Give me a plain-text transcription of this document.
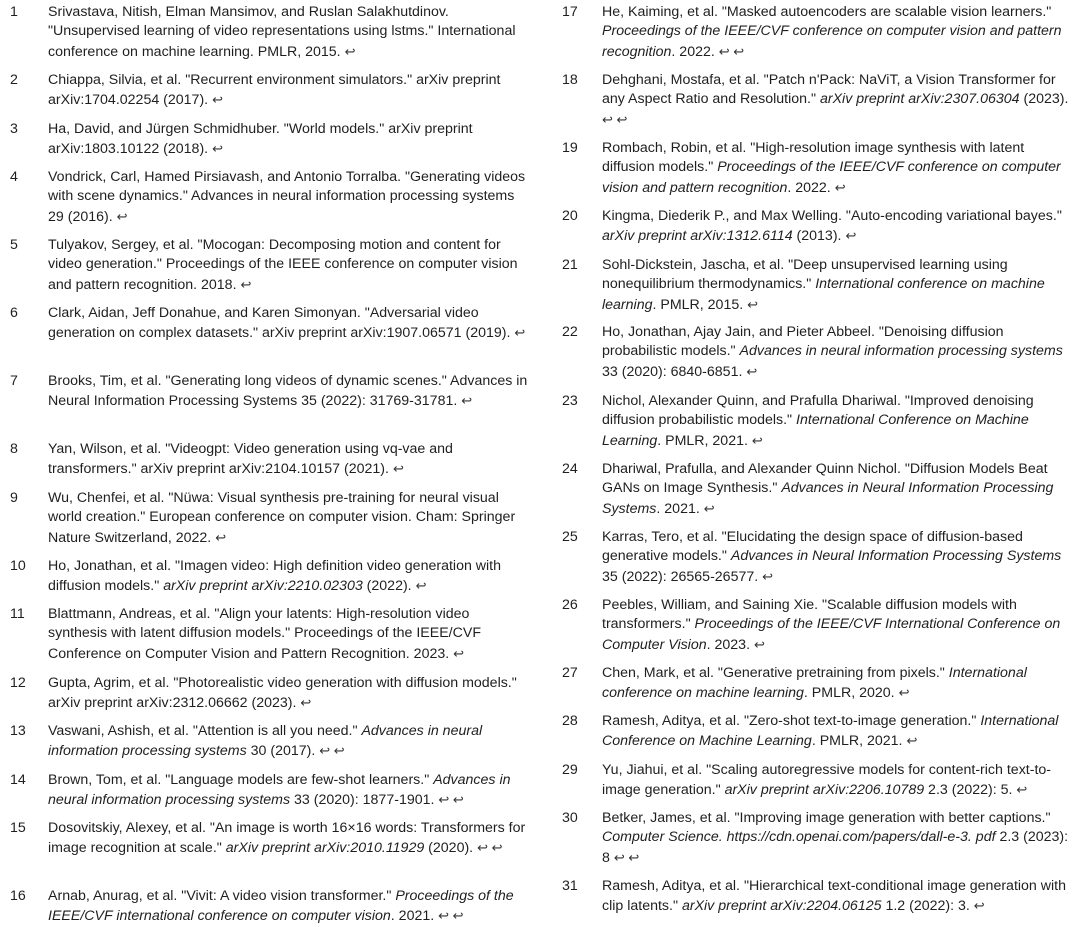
1 Srivastava, Nitish, Elman Mansimov, and Ruslan Salakhutdinov. "Unsupervised learning of video representations using lstms." International conference on machine learning. PMLR, 2015. ↩
2 Chiappa, Silvia, et al. "Recurrent environment simulators." arXiv preprint arXiv:1704.02254 (2017). ↩
3 Ha, David, and Jürgen Schmidhuber. "World models." arXiv preprint arXiv:1803.10122 (2018). ↩
4 Vondrick, Carl, Hamed Pirsiavash, and Antonio Torralba. "Generating videos with scene dynamics." Advances in neural information processing systems 29 (2016). ↩
5 Tulyakov, Sergey, et al. "Mocogan: Decomposing motion and content for video generation." Proceedings of the IEEE conference on computer vision and pattern recognition. 2018. ↩
6 Clark, Aidan, Jeff Donahue, and Karen Simonyan. "Adversarial video generation on complex datasets." arXiv preprint arXiv:1907.06571 (2019). ↩
7 Brooks, Tim, et al. "Generating long videos of dynamic scenes." Advances in Neural Information Processing Systems 35 (2022): 31769-31781. ↩
8 Yan, Wilson, et al. "Videogpt: Video generation using vq-vae and transformers." arXiv preprint arXiv:2104.10157 (2021). ↩
9 Wu, Chenfei, et al. "Nüwa: Visual synthesis pre-training for neural visual world creation." European conference on computer vision. Cham: Springer Nature Switzerland, 2022. ↩
10 Ho, Jonathan, et al. "Imagen video: High definition video generation with diffusion models." arXiv preprint arXiv:2210.02303 (2022). ↩
11 Blattmann, Andreas, et al. "Align your latents: High-resolution video synthesis with latent diffusion models." Proceedings of the IEEE/CVF Conference on Computer Vision and Pattern Recognition. 2023. ↩
12 Gupta, Agrim, et al. "Photorealistic video generation with diffusion models." arXiv preprint arXiv:2312.06662 (2023). ↩
13 Vaswani, Ashish, et al. "Attention is all you need." Advances in neural information processing systems 30 (2017). ↩ ↩
14 Brown, Tom, et al. "Language models are few-shot learners." Advances in neural information processing systems 33 (2020): 1877-1901. ↩ ↩
15 Dosovitskiy, Alexey, et al. "An image is worth 16×16 words: Transformers for image recognition at scale." arXiv preprint arXiv:2010.11929 (2020). ↩ ↩
16 Arnab, Anurag, et al. "Vivit: A video vision transformer." Proceedings of the IEEE/CVF international conference on computer vision. 2021. ↩ ↩
17 He, Kaiming, et al. "Masked autoencoders are scalable vision learners." Proceedings of the IEEE/CVF conference on computer vision and pattern recognition. 2022. ↩ ↩
18 Dehghani, Mostafa, et al. "Patch n'Pack: NaViT, a Vision Transformer for any Aspect Ratio and Resolution." arXiv preprint arXiv:2307.06304 (2023). ↩ ↩
19 Rombach, Robin, et al. "High-resolution image synthesis with latent diffusion models." Proceedings of the IEEE/CVF conference on computer vision and pattern recognition. 2022. ↩
20 Kingma, Diederik P., and Max Welling. "Auto-encoding variational bayes." arXiv preprint arXiv:1312.6114 (2013). ↩
21 Sohl-Dickstein, Jascha, et al. "Deep unsupervised learning using nonequilibrium thermodynamics." International conference on machine learning. PMLR, 2015. ↩
22 Ho, Jonathan, Ajay Jain, and Pieter Abbeel. "Denoising diffusion probabilistic models." Advances in neural information processing systems 33 (2020): 6840-6851. ↩
23 Nichol, Alexander Quinn, and Prafulla Dhariwal. "Improved denoising diffusion probabilistic models." International Conference on Machine Learning. PMLR, 2021. ↩
24 Dhariwal, Prafulla, and Alexander Quinn Nichol. "Diffusion Models Beat GANs on Image Synthesis." Advances in Neural Information Processing Systems. 2021. ↩
25 Karras, Tero, et al. "Elucidating the design space of diffusion-based generative models." Advances in Neural Information Processing Systems 35 (2022): 26565-26577. ↩
26 Peebles, William, and Saining Xie. "Scalable diffusion models with transformers." Proceedings of the IEEE/CVF International Conference on Computer Vision. 2023. ↩
27 Chen, Mark, et al. "Generative pretraining from pixels." International conference on machine learning. PMLR, 2020. ↩
28 Ramesh, Aditya, et al. "Zero-shot text-to-image generation." International Conference on Machine Learning. PMLR, 2021. ↩
29 Yu, Jiahui, et al. "Scaling autoregressive models for content-rich text-to-image generation." arXiv preprint arXiv:2206.10789 2.3 (2022): 5. ↩
30 Betker, James, et al. "Improving image generation with better captions." Computer Science. https://cdn.openai.com/papers/dall-e-3. pdf 2.3 (2023): 8 ↩ ↩
31 Ramesh, Aditya, et al. "Hierarchical text-conditional image generation with clip latents." arXiv preprint arXiv:2204.06125 1.2 (2022): 3. ↩
